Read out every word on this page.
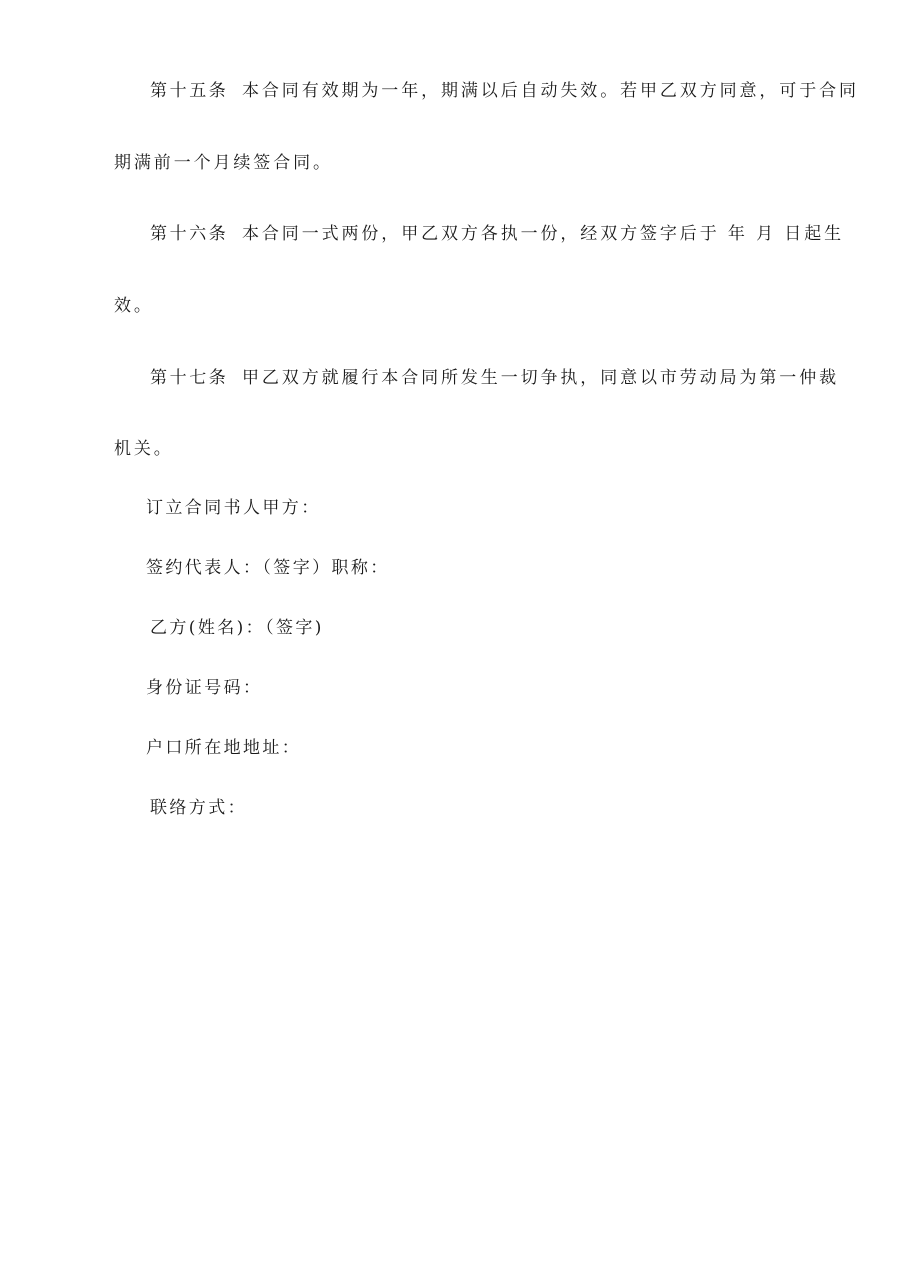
第十五条 本合同有效期为一年，期满以后自动失效。若甲乙双方同意，可于合同
期满前一个月续签合同。
第十六条 本合同一式两份，甲乙双方各执一份，经双方签字后于 年 月 日起生
效。
第十七条 甲乙双方就履行本合同所发生一切争执，同意以市劳动局为第一仲裁
机关。
订立合同书人甲方：
签约代表人：（签字）职称：
乙方(姓名)：（签字)
身份证号码：
户口所在地地址：
联络方式：
